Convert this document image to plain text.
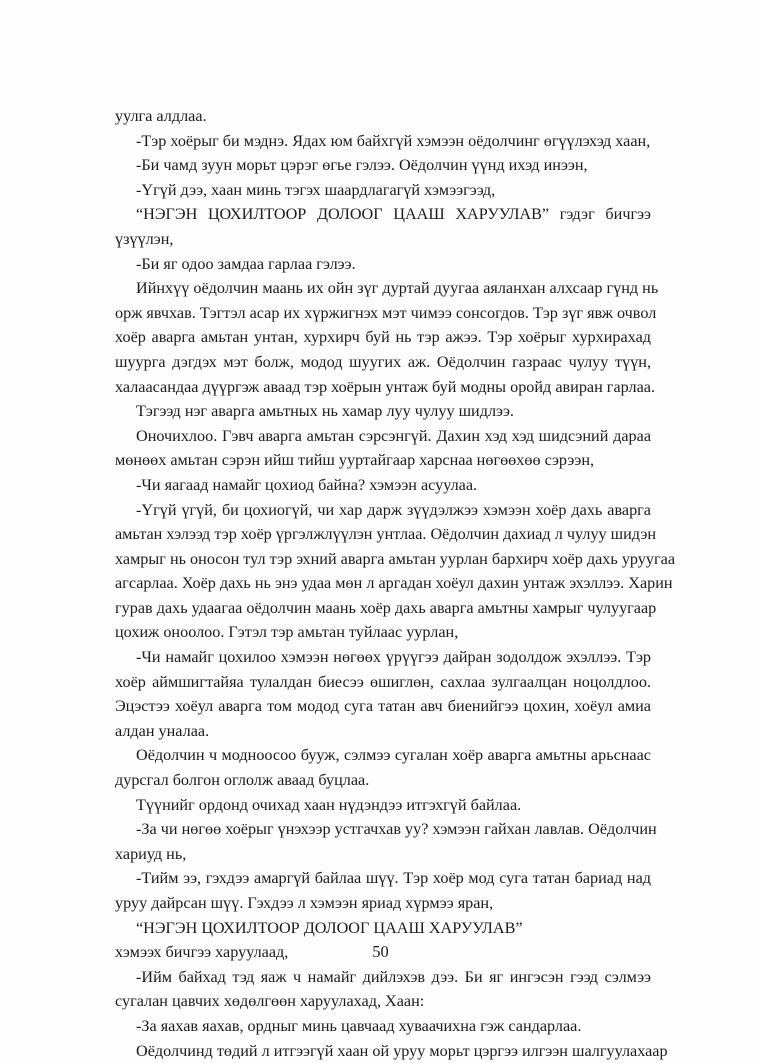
уулга алдлаа.
-Тэр хоёрыг би мэднэ. Ядах юм байхгүй хэмээн оёдолчинг өгүүлэхэд хаан,
-Би чамд зуун морьт цэрэг өгье гэлээ. Оёдолчин үүнд ихэд инээн,
-Үгүй дээ, хаан минь тэгэх шаардлагагүй хэмээгээд,
“НЭГЭН ЦОХИЛТООР ДОЛООГ ЦААШ ХАРУУЛАВ” гэдэг бичгээ
үзүүлэн,
-Би яг одоо замдаа гарлаа гэлээ.
Ийнхүү оёдолчин маань их ойн зүг дуртай дуугаа аяланхан алхсаар гүнд нь
орж явчхав. Тэгтэл асар их хүржигнэх мэт чимээ сонсогдов. Тэр зүг явж очвол
хоёр аварга амьтан унтан, хурхирч буй нь тэр ажээ. Тэр хоёрыг хурхирахад
шуурга дэгдэх мэт болж, модод шуугих аж. Оёдолчин газраас чулуу түүн,
халаасандаа дүүргэж аваад тэр хоёрын унтаж буй модны оройд авиран гарлаа.
Тэгээд нэг аварга амьтных нь хамар луу чулуу шидлээ.
Оночихлоо. Гэвч аварга амьтан сэрсэнгүй. Дахин хэд хэд шидсэний дараа
мөнөөх амьтан сэрэн ийш тийш ууртайгаар харснаа нөгөөхөө сэрээн,
-Чи яагаад намайг цохиод байна? хэмээн асуулаа.
-Үгүй үгүй, би цохиогүй, чи хар дарж зүүдэлжээ хэмээн хоёр дахь аварга
амьтан хэлээд тэр хоёр үргэлжлүүлэн унтлаа. Оёдолчин дахиад л чулуу шидэн
хамрыг нь оносон тул тэр эхний аварга амьтан уурлан бархирч хоёр дахь уруугаа
агсарлаа. Хоёр дахь нь энэ удаа мөн л аргадан хоёул дахин унтаж эхэллээ. Харин
гурав дахь удаагаа оёдолчин маань хоёр дахь аварга амьтны хамрыг чулуугаар
цохиж оноолоо. Гэтэл тэр амьтан туйлаас уурлан,
-Чи намайг цохилоо хэмээн нөгөөх үрүүгээ дайран зодолдож эхэллээ. Тэр
хоёр аймшигтайяа тулалдан биесээ өшиглөн, сахлаа зулгаалцан ноцолдлоо.
Эцэстээ хоёул аварга том модод суга татан авч биенийгээ цохин, хоёул амиа
алдан уналаа.
Оёдолчин ч модноосоо бууж, сэлмээ сугалан хоёр аварга амьтны арьснаас
дурсгал болгон оглолж аваад буцлаа.
Түүнийг ордонд очихад хаан нүдэндээ итгэхгүй байлаа.
-За чи нөгөө хоёрыг үнэхээр устгачхав уу? хэмээн гайхан лавлав. Оёдолчин
хариуд нь,
-Тийм ээ, гэхдээ амаргүй байлаа шүү. Тэр хоёр мод суга татан бариад над
уруу дайрсан шүү. Гэхдээ л хэмээн яриад хүрмээ яран,
“НЭГЭН ЦОХИЛТООР ДОЛООГ ЦААШ ХАРУУЛАВ”
хэмээх бичгээ харуулаад,
-Ийм байхад тэд яаж ч намайг дийлэхэв дээ. Би яг ингэсэн гээд сэлмээ
сугалан цавчих хөдөлгөөн харуулахад, Хаан:
-За яахав яахав, ордныг минь цавчаад хуваачихна гэж сандарлаа.
Оёдолчинд төдий л итгээгүй хаан ой уруу морьт цэргээ илгээн шалгуулахаар
50
